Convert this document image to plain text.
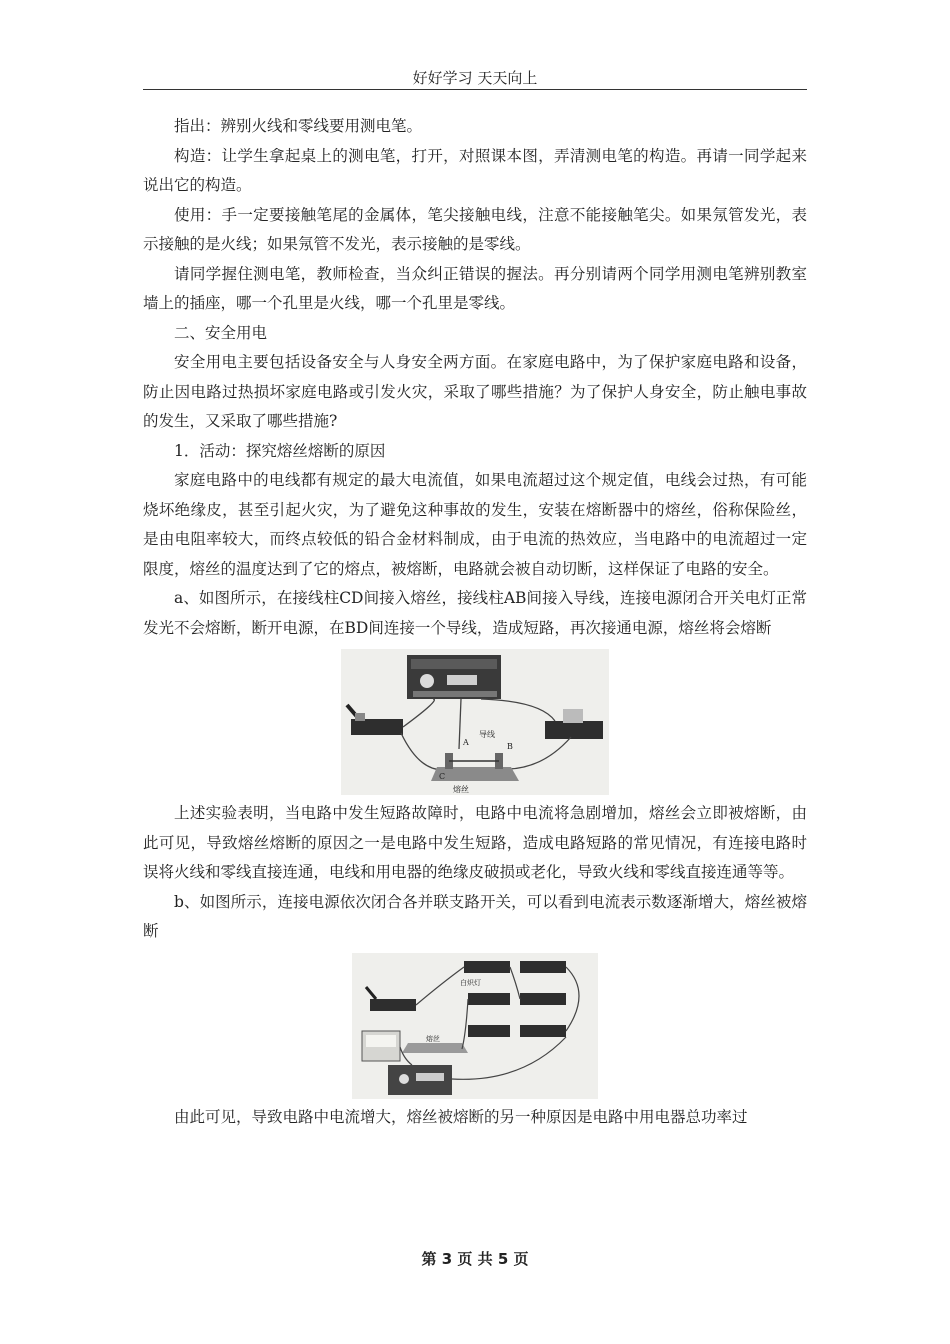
好好学习 天天向上

指出：辨别火线和零线要用测电笔。

构造：让学生拿起桌上的测电笔，打开，对照课本图，弄清测电笔的构造。再请一同学起来说出它的构造。

使用：手一定要接触笔尾的金属体，笔尖接触电线，注意不能接触笔尖。如果氖管发光，表示接触的是火线；如果氖管不发光，表示接触的是零线。

请同学握住测电笔，教师检查，当众纠正错误的握法。再分别请两个同学用测电笔辨别教室墙上的插座，哪一个孔里是火线，哪一个孔里是零线。

二、安全用电

安全用电主要包括设备安全与人身安全两方面。在家庭电路中，为了保护家庭电路和设备，防止因电路过热损坏家庭电路或引发火灾，采取了哪些措施？为了保护人身安全，防止触电事故的发生，又采取了哪些措施?

1．活动：探究熔丝熔断的原因

家庭电路中的电线都有规定的最大电流值，如果电流超过这个规定值，电线会过热，有可能烧坏绝缘皮，甚至引起火灾，为了避免这种事故的发生，安装在熔断器中的熔丝，俗称保险丝，是由电阻率较大，而终点较低的铅合金材料制成，由于电流的热效应，当电路中的电流超过一定限度，熔丝的温度达到了它的熔点，被熔断，电路就会被自动切断，这样保证了电路的安全。

a、如图所示，在接线柱CD间接入熔丝，接线柱AB间接入导线，连接电源闭合开关电灯正常发光不会熔断，断开电源，在BD间连接一个导线，造成短路，再次接通电源，熔丝将会熔断

A	B
C
导线
熔丝

上述实验表明，当电路中发生短路故障时，电路中电流将急剧增加，熔丝会立即被熔断，由此可见，导致熔丝熔断的原因之一是电路中发生短路，造成电路短路的常见情况，有连接电路时误将火线和零线直接连通，电线和用电器的绝缘皮破损或老化，导致火线和零线直接连通等等。

b、如图所示，连接电源依次闭合各并联支路开关，可以看到电流表示数逐渐增大，熔丝被熔断

熔丝
白炽灯

由此可见，导致电路中电流增大，熔丝被熔断的另一种原因是电路中用电器总功率过

第 3 页 共 5 页
